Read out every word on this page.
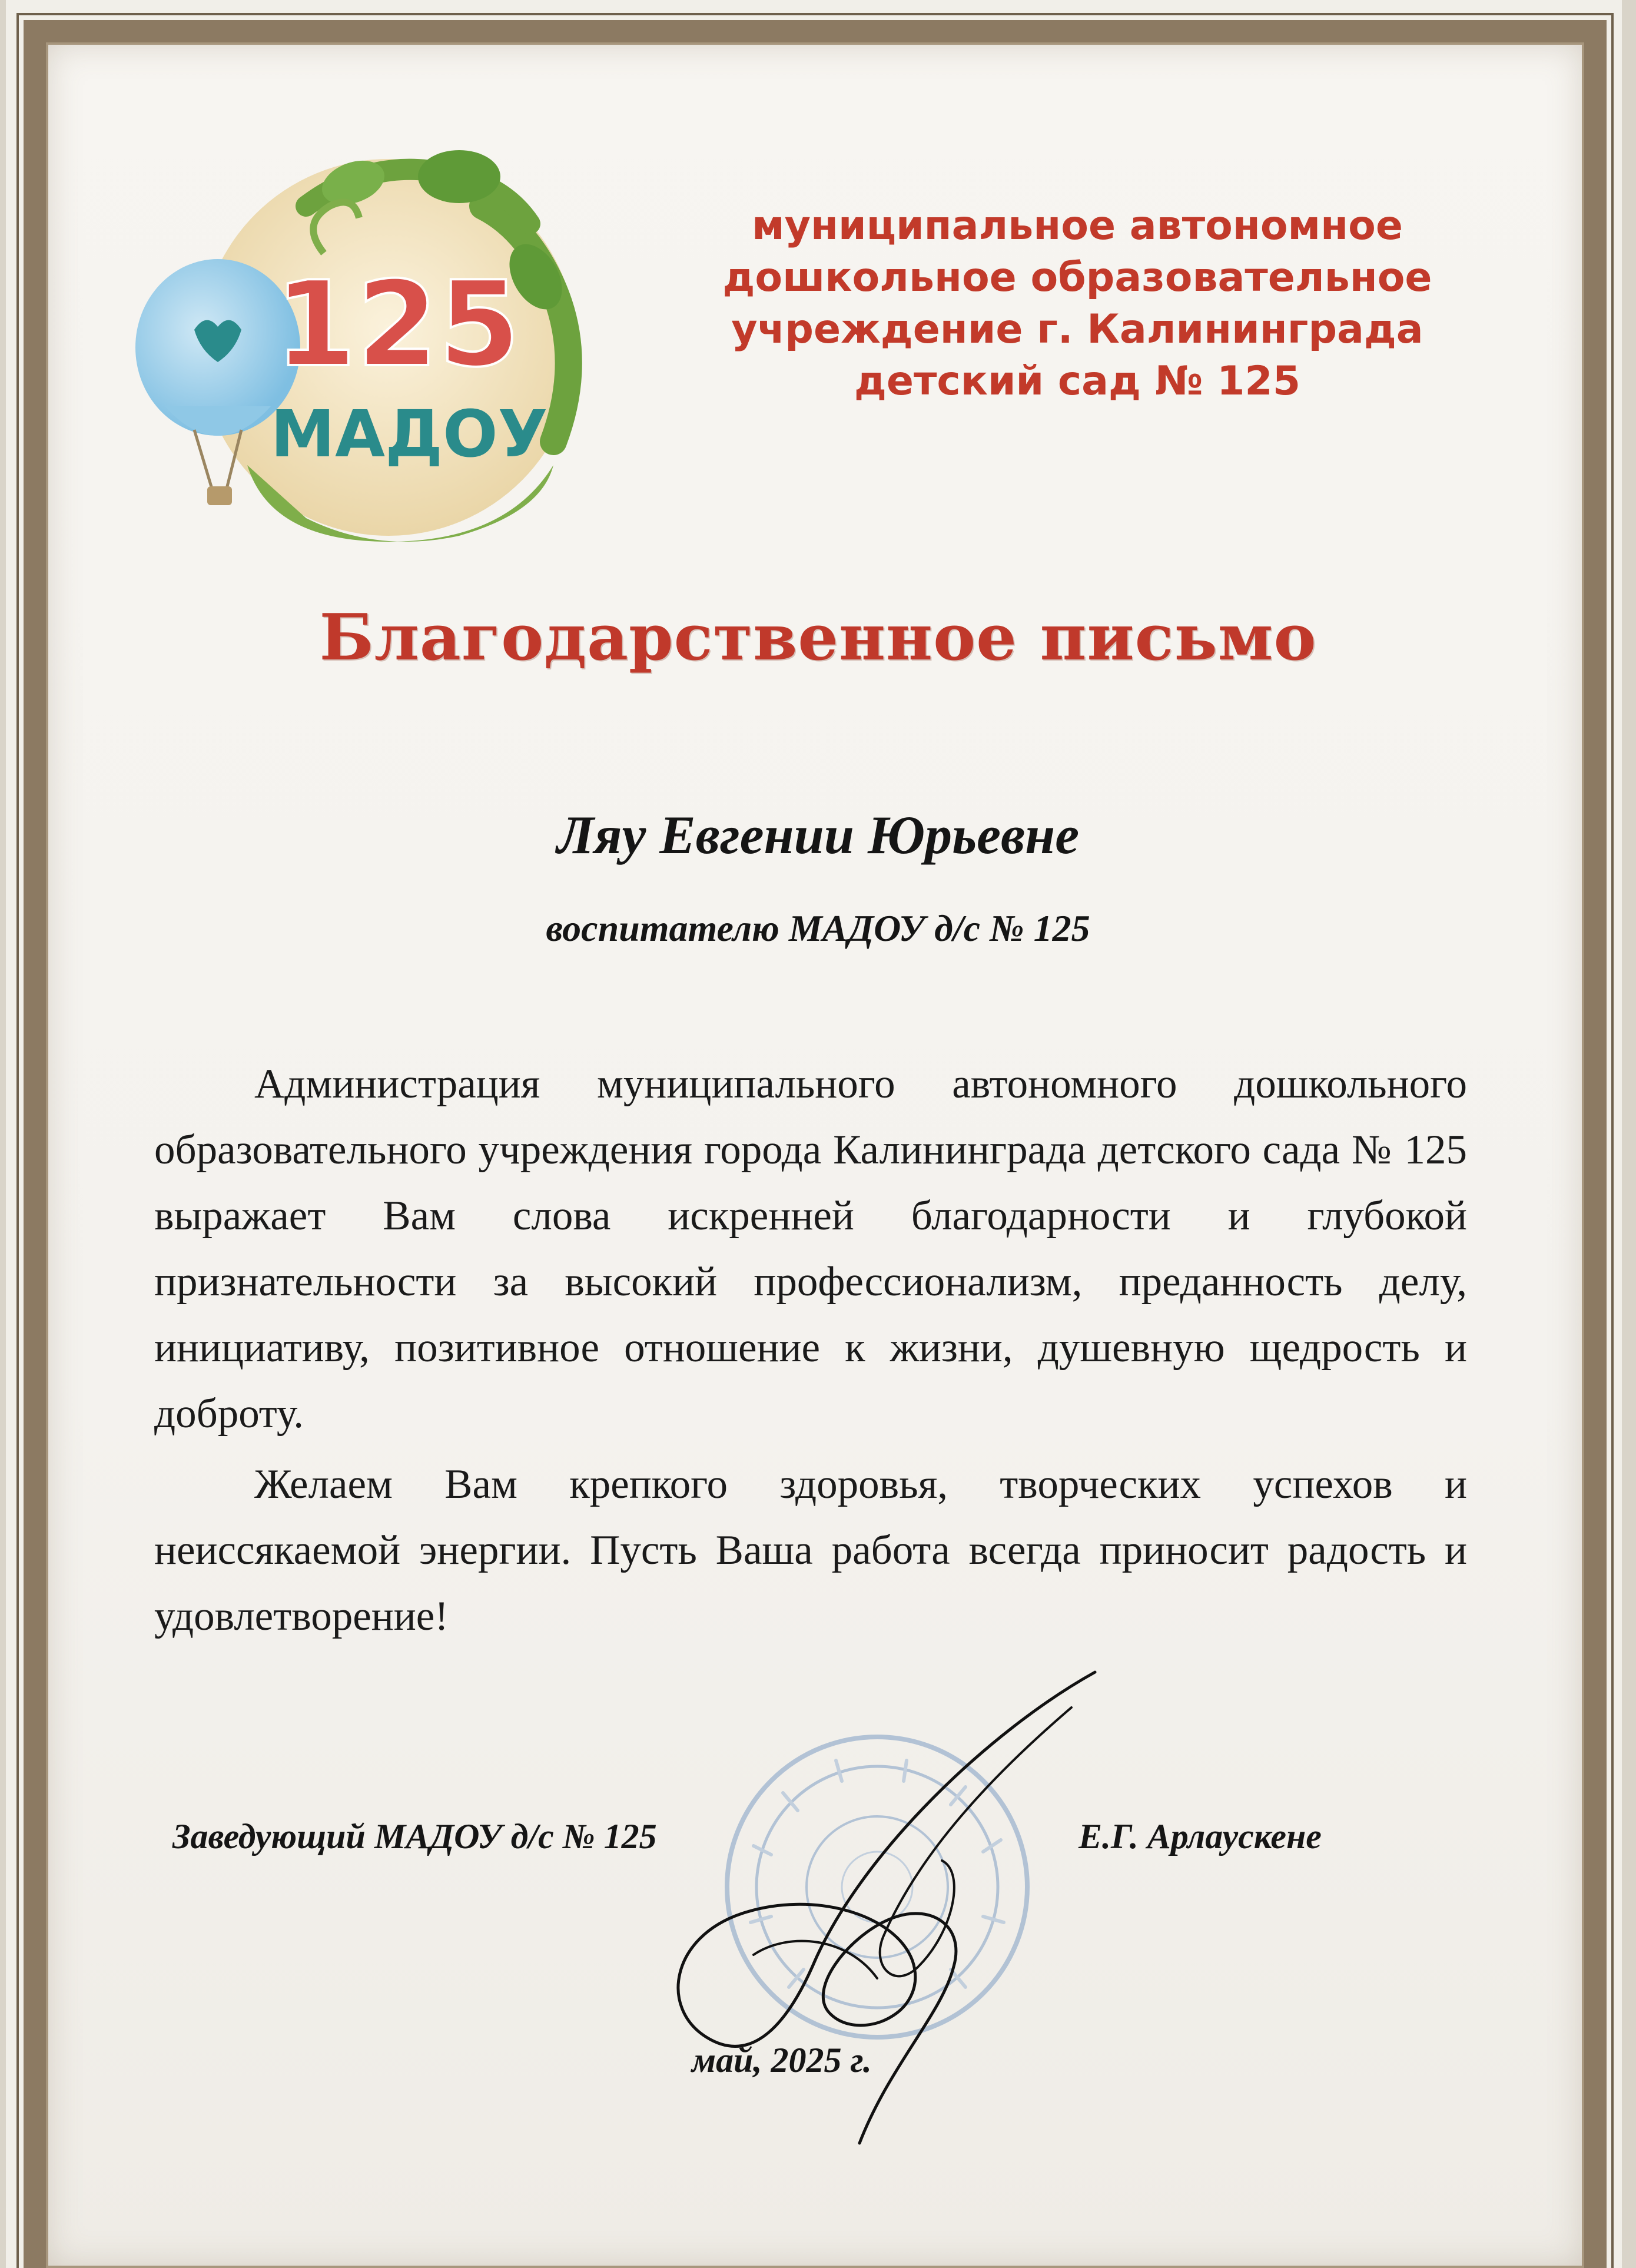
125
МАДОУ
муниципальное автономное
дошкольное образовательное
учреждение г. Калининграда
детский сад № 125
Благодарственное письмо
Ляу Евгении Юрьевне
воспитателю МАДОУ д/с № 125

Администрация муниципального автономного дошкольного образовательного учреждения города Калининграда детского сада № 125 выражает Вам слова искренней благодарности и глубокой признательности за высокий профессионализм, преданность делу, инициативу, позитивное отношение к жизни, душевную щедрость и доброту.

Желаем Вам крепкого здоровья, творческих успехов и неиссякаемой энергии. Пусть Ваша работа всегда приносит радость и удовлетворение!

Заведующий МАДОУ д/с № 125	Е.Г. Арлаускене
май, 2025 г.
